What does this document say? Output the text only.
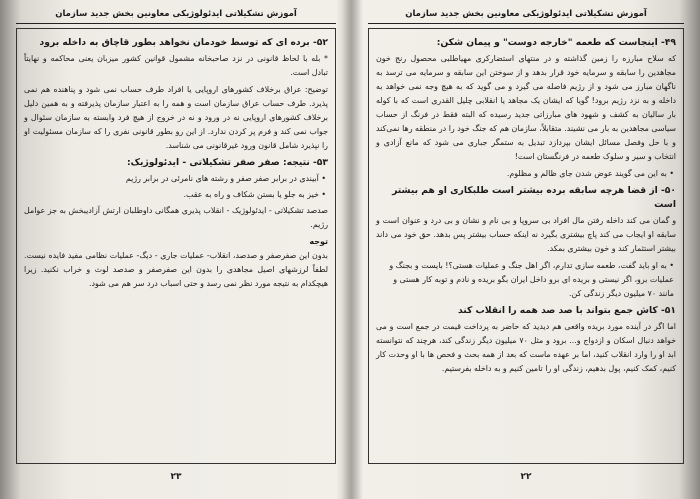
آموزش تشکیلاتی ایدئولوژیکی معاونین بخش جدید سازمان
۵۲- برده ای که توسط خودمان نخواهد بطور قاچاق به داخله برود
* بله با لحاظ قانونی در نزد صاحبخانه مشمول قوانین کشور میزبان یعنی محاکمه و نهایتاً تبادل است.
توضیح: عراق برخلاف کشورهای اروپایی یا افراد طرف حساب نمی شود و پناهنده هم نمی پذیرد. طرف حساب عراق سازمان است و همه را به اعتبار سازمان پذیرفته و به همین دلیل برخلاف کشورهای اروپایی نه در ورود و نه در خروج از هیچ فرد وابسته به سازمان سئوال و جواب نمی کند و فرم پر کردن ندارد. از این رو بطور قانونی نفری را که سازمان مسئولیت او را نپذیرد شامل قانون ورود غیرقانونی می شناسد.
۵۳- نتیجه: صفر صفر تشکیلاتی - ایدئولوژیک:
• آبیندی در برابر صفر صفر و رشته های نامرئی در برابر رژیم
• خیز به جلو یا بستن شکاف و راه به عقب.
صدصد تشکیلاتی - ایدئولوژیک - انقلاب پذیری همگانی داوطلبان ارتش آزادیبخش به جز عوامل رژیم.
توجه
بدون این صفرصفر و صدصد، انقلاب- عملیات جاری - دیگ- عملیات نظامی مفید فایده نیست. لطفاً لرزشهای اصیل مجاهدی را بدون این صفرصفر و صدصد لوث و خراب نکنید. زیرا هیچکدام به نتیجه مورد نظر نمی رسد و حتی اسباب درد سر هم می شود.
۲۳
آموزش تشکیلاتی ایدئولوژیکی معاونین بخش جدید سازمان
۴۹- اینجاست که طعمه "خارجه دوست" و پیمان شکن:
که سلاح مبارزه را زمین گذاشته و در منتهای استضارکری مهیاطلبی محصول رنج خون مجاهدین را سابقه و سرمایه خود قرار بدهد و از سوختن این سابقه و سرمایه می ترسد به ناگهان مبارز می شود و از رژیم فاصله می گیرد و می گوید که به هیچ وجه نمی خواهد به داخله و به نزد رژیم برود! گویا که ایشان یک مجاهد یا انقلابی چلیل القدری است که با کوله بار سالیان به کشف و شهود های مبارزاتی جدید رسیده که البته فقط در فرنگ از حساب سیاسی مجاهدین به بار می نشیند. متقابلاً، سازمان هم که جنگ خود را در منطقه رها نمی‌کند و با حل وفصل مسائل ایشان بپردازد تبدیل به ستمگر جباری می شود که مانع آزادی و انتخاب و سیر و سلوک طعمه در فرنگستان است!
• به این می گویند عوض شدن جای ظالم و مظلوم.
۵۰- از قضا هرچه سابقه برده بیشتر است طلبکاری او هم بیشتر است
و گمان می کند داخله رفتن مال افراد بی سروپا و بی نام و نشان و بی درد و عنوان است و سابقه او ایجاب می کند پاچ بیشتری بگیرد نه اینکه حساب بیشتر پس بدهد. حق خود می داند بیشتر استثمار کند و خون بیشتری بمکد.
• به او باید گفت، طعمه سازی تدارم، اگر اهل جنگ و عملیات هستی؟! بایست و بجنگ و عملیات برو، اگر نیستی و بریده ای برو داخل ایران بگو بریده و نادم و توبه کار هستی و مانند ۷۰ میلیون دیگر زندگی کن.
۵۱- کاش جمع بتواند با صد صد همه را انقلاب کند
اما اگر در آینده مورد بریده واقعی هم دیدید که حاضر به پرداخت قیمت در جمع است و می خواهد دنبال اسکان و ازدواج و... برود و مثل ۷۰ میلیون دیگر زندگی کند، هرچند که نتوانسته ابد او را وارد انقلاب کنید، اما بر عهده ماست که بعد از همه بحث و فحص ها با او وحدت کار کنیم، کمک کنیم، پول بدهیم، زندگی او را تامین کنیم و به داخله بفرستیم.
۲۲
